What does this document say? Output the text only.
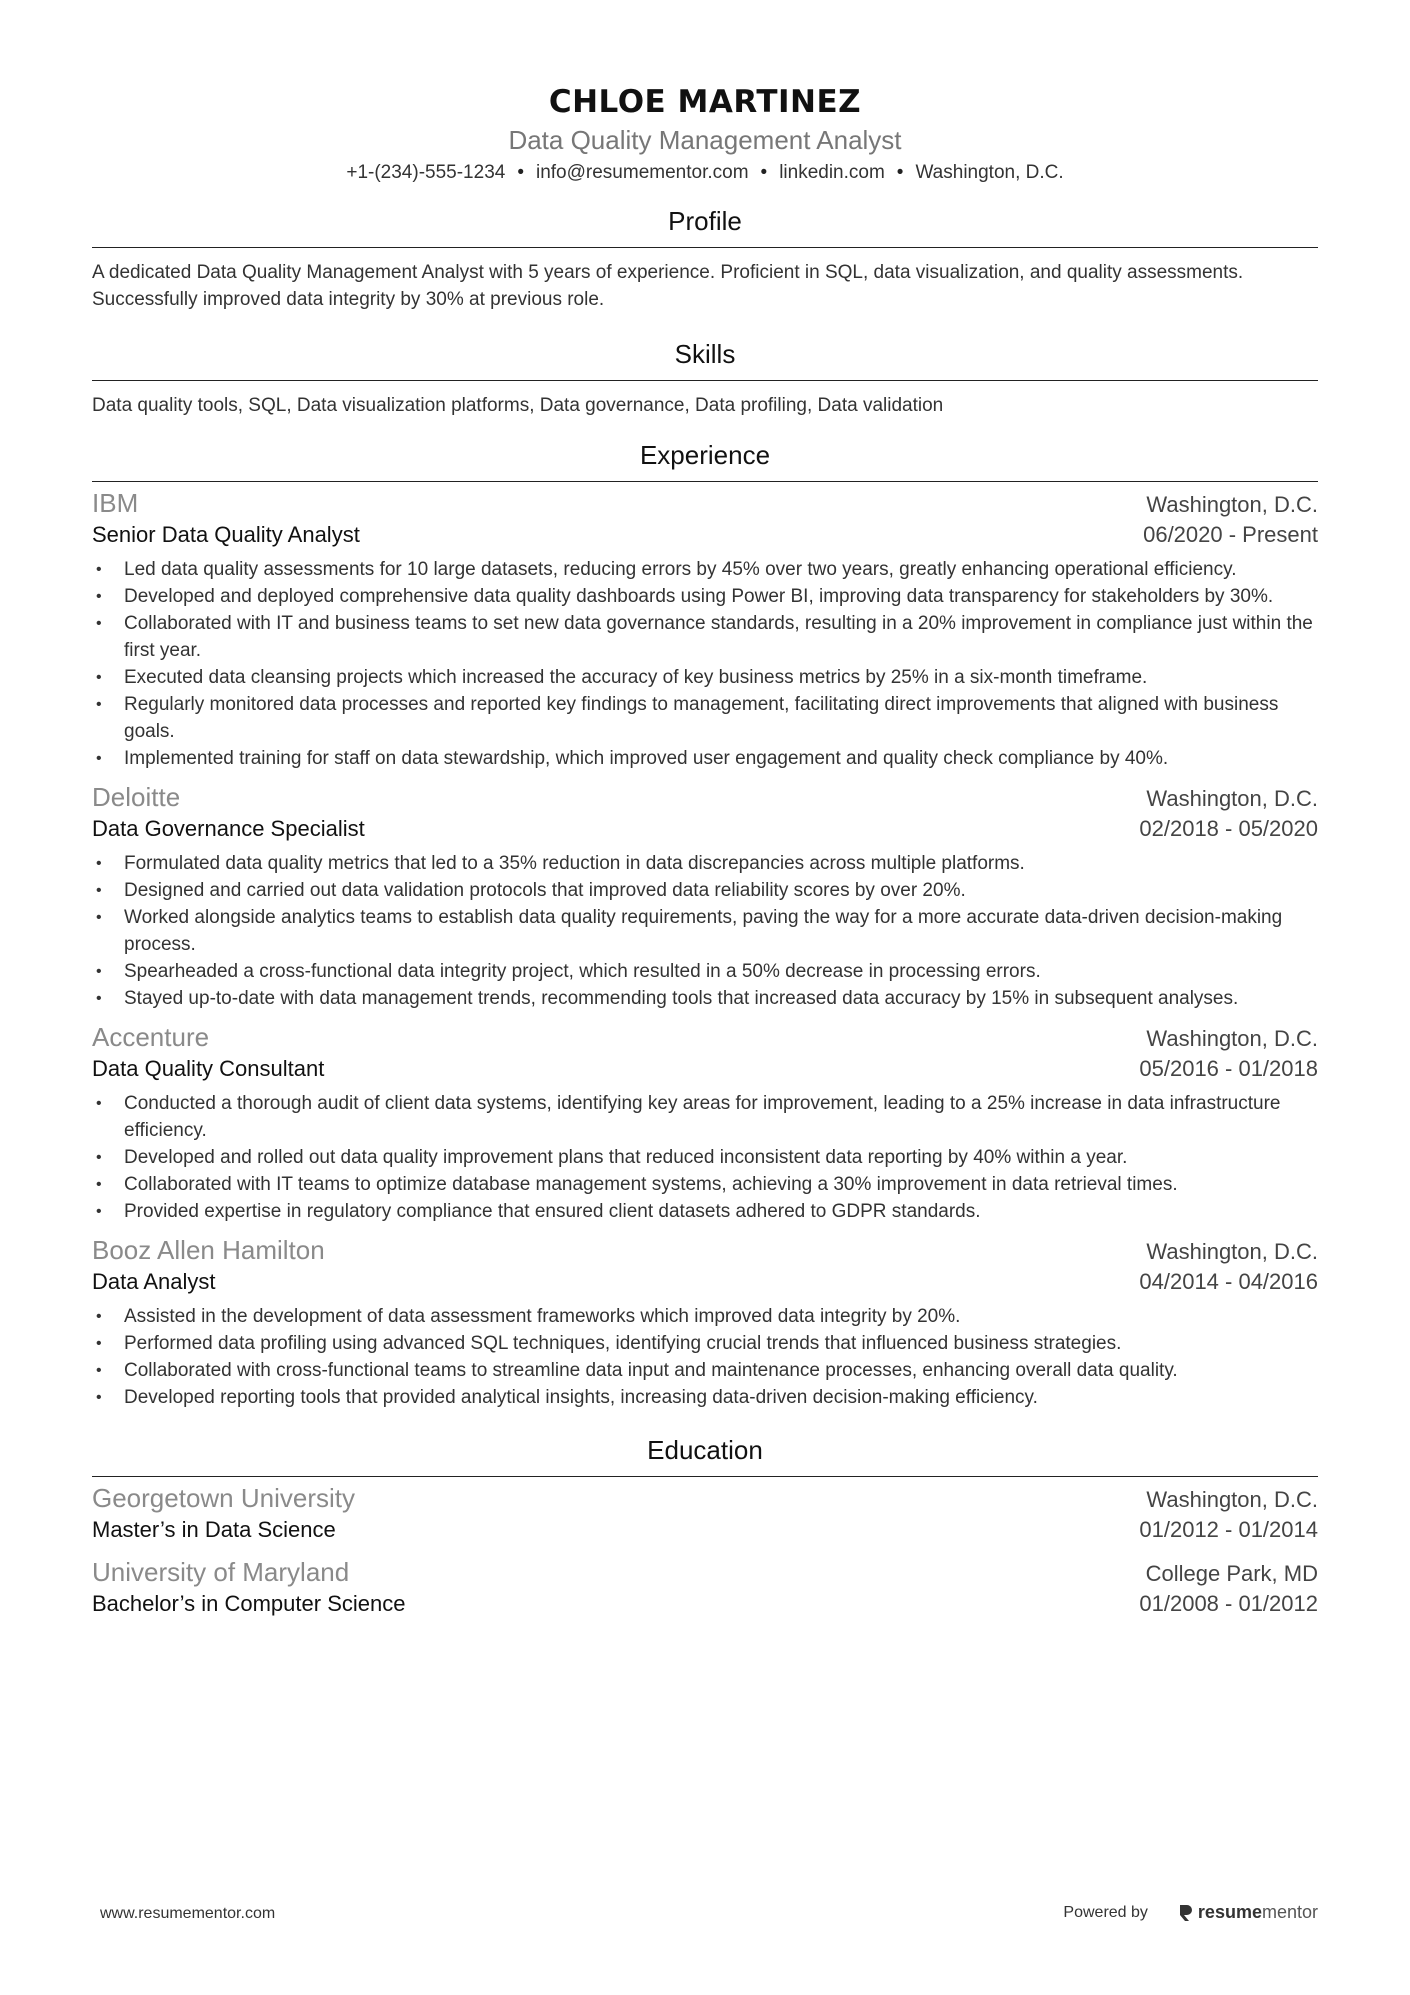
CHLOE MARTINEZ
Data Quality Management Analyst
+1-(234)-555-1234 • info@resumementor.com • linkedin.com • Washington, D.C.
Profile
A dedicated Data Quality Management Analyst with 5 years of experience. Proficient in SQL, data visualization, and quality assessments. Successfully improved data integrity by 30% at previous role.
Skills
Data quality tools, SQL, Data visualization platforms, Data governance, Data profiling, Data validation
Experience
IBM	Washington, D.C.
Senior Data Quality Analyst	06/2020 - Present
• Led data quality assessments for 10 large datasets, reducing errors by 45% over two years, greatly enhancing operational efficiency.
• Developed and deployed comprehensive data quality dashboards using Power BI, improving data transparency for stakeholders by 30%.
• Collaborated with IT and business teams to set new data governance standards, resulting in a 20% improvement in compliance just within the first year.
• Executed data cleansing projects which increased the accuracy of key business metrics by 25% in a six-month timeframe.
• Regularly monitored data processes and reported key findings to management, facilitating direct improvements that aligned with business goals.
• Implemented training for staff on data stewardship, which improved user engagement and quality check compliance by 40%.
Deloitte	Washington, D.C.
Data Governance Specialist	02/2018 - 05/2020
• Formulated data quality metrics that led to a 35% reduction in data discrepancies across multiple platforms.
• Designed and carried out data validation protocols that improved data reliability scores by over 20%.
• Worked alongside analytics teams to establish data quality requirements, paving the way for a more accurate data-driven decision-making process.
• Spearheaded a cross-functional data integrity project, which resulted in a 50% decrease in processing errors.
• Stayed up-to-date with data management trends, recommending tools that increased data accuracy by 15% in subsequent analyses.
Accenture	Washington, D.C.
Data Quality Consultant	05/2016 - 01/2018
• Conducted a thorough audit of client data systems, identifying key areas for improvement, leading to a 25% increase in data infrastructure efficiency.
• Developed and rolled out data quality improvement plans that reduced inconsistent data reporting by 40% within a year.
• Collaborated with IT teams to optimize database management systems, achieving a 30% improvement in data retrieval times.
• Provided expertise in regulatory compliance that ensured client datasets adhered to GDPR standards.
Booz Allen Hamilton	Washington, D.C.
Data Analyst	04/2014 - 04/2016
• Assisted in the development of data assessment frameworks which improved data integrity by 20%.
• Performed data profiling using advanced SQL techniques, identifying crucial trends that influenced business strategies.
• Collaborated with cross-functional teams to streamline data input and maintenance processes, enhancing overall data quality.
• Developed reporting tools that provided analytical insights, increasing data-driven decision-making efficiency.
Education
Georgetown University	Washington, D.C.
Master’s in Data Science	01/2012 - 01/2014
University of Maryland	College Park, MD
Bachelor’s in Computer Science	01/2008 - 01/2012
www.resumementor.com	Powered by	resume mentor
